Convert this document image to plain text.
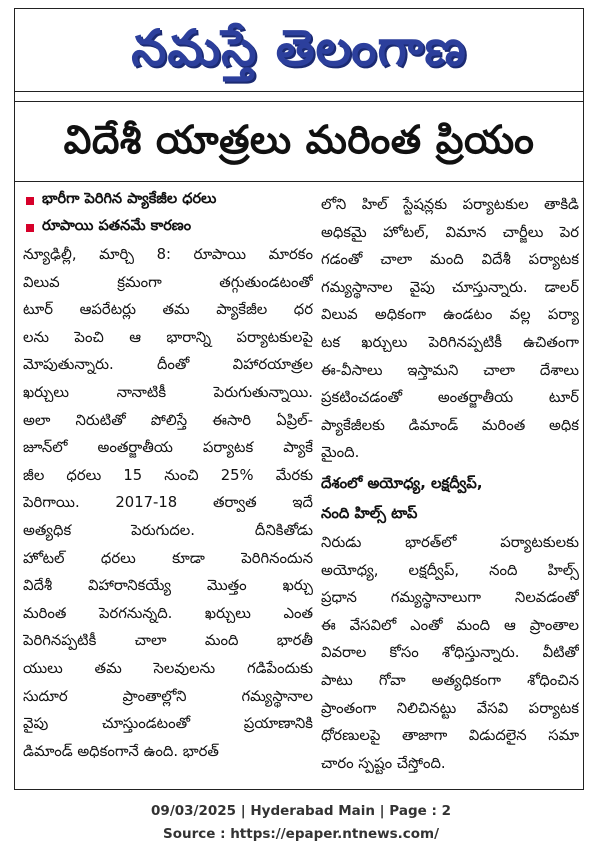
నమస్తే తెలంగాణ
విదేశీ యాత్రలు మరింత ప్రియం
భారీగా పెరిగిన ప్యాకేజీల ధరలు
రూపాయి పతనమే కారణం

న్యూఢిల్లీ, మార్చి 8: రూపాయి మారకం

విలువ క్రమంగా తగ్గుతుండటంతో

టూర్ ఆపరేటర్లు తమ ప్యాకేజీల ధర

లను పెంచి ఆ భారాన్ని పర్యాటకులపై

మోపుతున్నారు. దీంతో విహారయాత్రల

ఖర్చులు నానాటికీ పెరుగుతున్నాయి.

అలా నిరుటితో పోలిస్తే ఈసారి ఏప్రిల్-

జూన్‌లో అంతర్జాతీయ పర్యాటక ప్యాకే

జీల ధరలు 15 నుంచి 25% మేరకు

పెరిగాయి. 2017-18 తర్వాత ఇదే

అత్యధిక పెరుగుదల. దీనికితోడు

హోటల్ ధరలు కూడా పెరిగినందున

విదేశీ విహారానికయ్యే మొత్తం ఖర్చు

మరింత పెరగనున్నది. ఖర్చులు ఎంత

పెరిగినప్పటికీ చాలా మంది భారతీ

యులు తమ సెలవులను గడిపేందుకు

సుదూర ప్రాంతాల్లోని గమ్యస్థానాల

వైపు చూస్తుండటంతో ప్రయాణానికి

డిమాండ్ అధికంగానే ఉంది. భారత్

లోని హిల్ స్టేషన్లకు పర్యాటకుల తాకిడి

అధికమై హోటల్, విమాన చార్జీలు పెర

గడంతో చాలా మంది విదేశీ పర్యాటక

గమ్యస్థానాల వైపు చూస్తున్నారు. డాలర్

విలువ అధికంగా ఉండటం వల్ల పర్యా

టక ఖర్చులు పెరిగినప్పటికీ ఉచితంగా

ఈ-వీసాలు ఇస్తామని చాలా దేశాలు

ప్రకటించడంతో అంతర్జాతీయ టూర్

ప్యాకేజీలకు డిమాండ్ మరింత అధిక

మైంది.

దేశంలో అయోధ్య, లక్షద్వీప్,

నంది హిల్స్ టాప్

నిరుడు భారత్‌లో పర్యాటకులకు

అయోధ్య, లక్షద్వీప్, నంది హిల్స్

ప్రధాన గమ్యస్థానాలుగా నిలవడంతో

ఈ వేసవిలో ఎంతో మంది ఆ ప్రాంతాల

వివరాల కోసం శోధిస్తున్నారు. వీటితో

పాటు గోవా అత్యధికంగా శోధించిన

ప్రాంతంగా నిలిచినట్టు వేసవి పర్యాటక

ధోరణులపై తాజాగా విడుదలైన సమా

చారం స్పష్టం చేస్తోంది.

09/03/2025 | Hyderabad Main | Page : 2
Source : https://epaper.ntnews.com/
